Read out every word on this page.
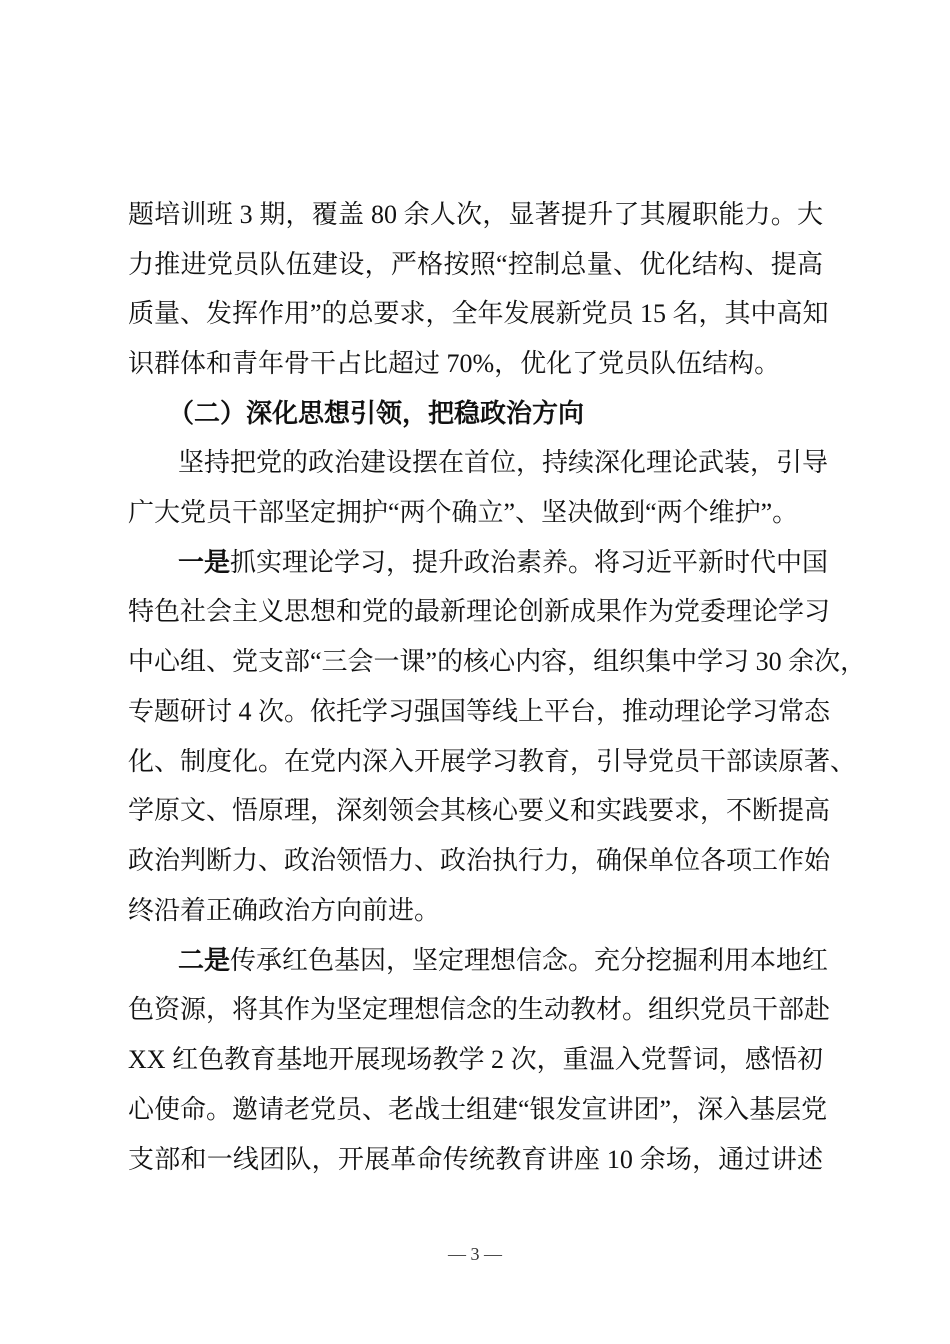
题培训班 3 期，覆盖 80 余人次，显著提升了其履职能力。大
力推进党员队伍建设，严格按照“控制总量、优化结构、提高
质量、发挥作用”的总要求，全年发展新党员 15 名，其中高知
识群体和青年骨干占比超过 70%，优化了党员队伍结构。
（二）深化思想引领，把稳政治方向
坚持把党的政治建设摆在首位，持续深化理论武装，引导
广大党员干部坚定拥护“两个确立”、坚决做到“两个维护”。
一是抓实理论学习，提升政治素养。将习近平新时代中国
特色社会主义思想和党的最新理论创新成果作为党委理论学习
中心组、党支部“三会一课”的核心内容，组织集中学习 30 余次，
专题研讨 4 次。依托学习强国等线上平台，推动理论学习常态
化、制度化。在党内深入开展学习教育，引导党员干部读原著、
学原文、悟原理，深刻领会其核心要义和实践要求，不断提高
政治判断力、政治领悟力、政治执行力，确保单位各项工作始
终沿着正确政治方向前进。
二是传承红色基因，坚定理想信念。充分挖掘利用本地红
色资源，将其作为坚定理想信念的生动教材。组织党员干部赴
XX 红色教育基地开展现场教学 2 次，重温入党誓词，感悟初
心使命。邀请老党员、老战士组建“银发宣讲团”，深入基层党
支部和一线团队，开展革命传统教育讲座 10 余场，通过讲述
— 3 —
